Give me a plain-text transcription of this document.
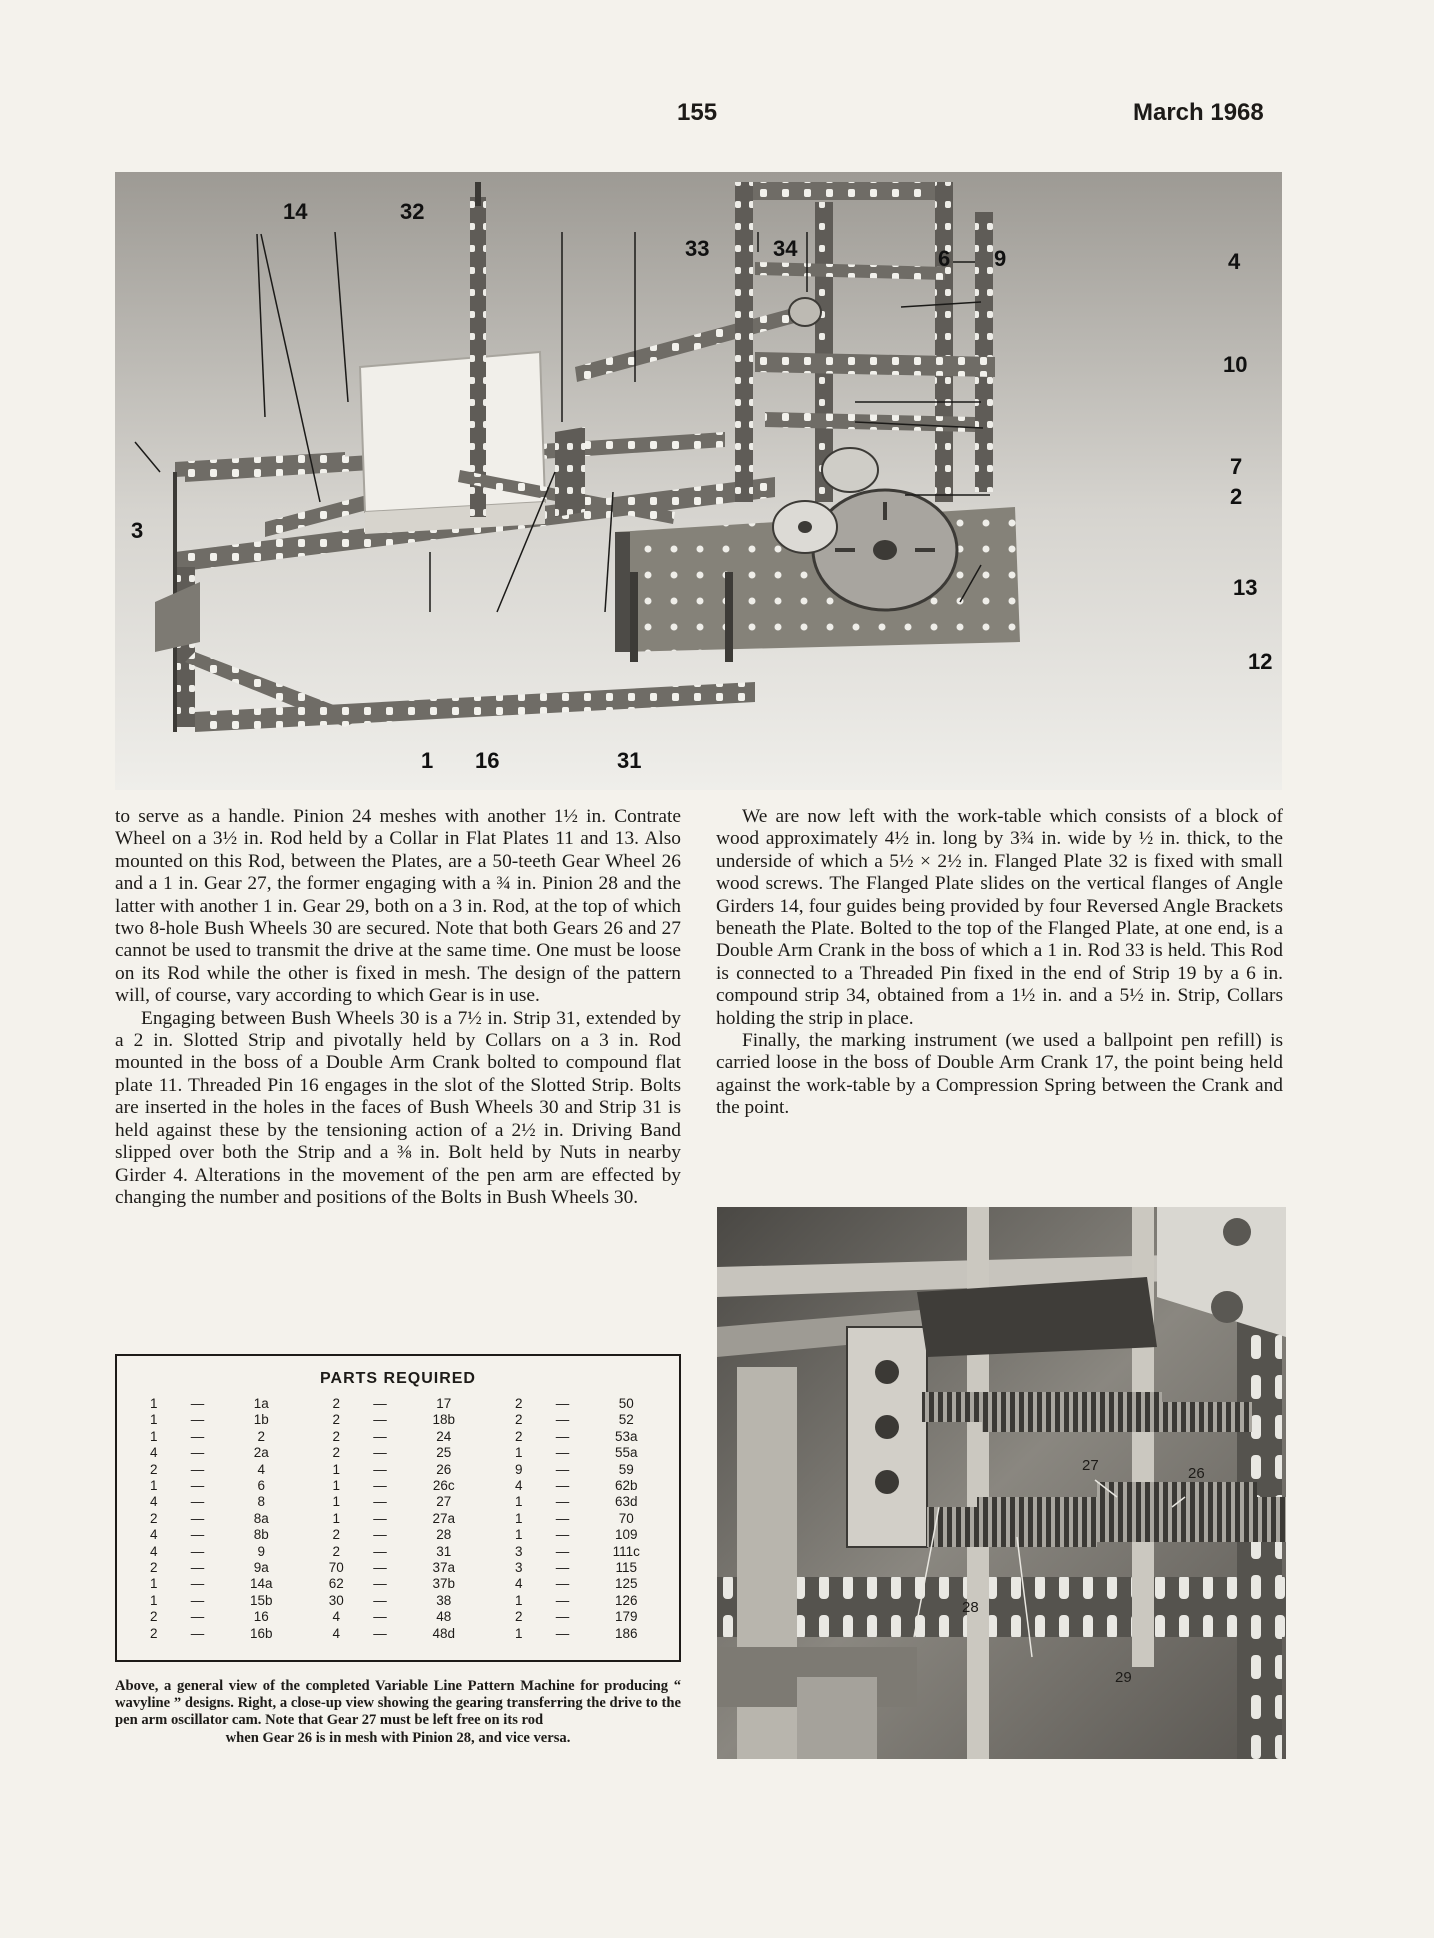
155	March 1968
14	32
33	34	6 9	4
10
7
2
3
13
12
1 16	31

to serve as a handle. Pinion 24 meshes with another 1½ in. Contrate Wheel on a 3½ in. Rod held by a Collar in Flat Plates 11 and 13. Also mounted on this Rod, between the Plates, are a 50-teeth Gear Wheel 26 and a 1 in. Gear 27, the former engaging with a ¾ in. Pinion 28 and the latter with another 1 in. Gear 29, both on a 3 in. Rod, at the top of which two 8-hole Bush Wheels 30 are secured. Note that both Gears 26 and 27 cannot be used to transmit the drive at the same time. One must be loose on its Rod while the other is fixed in mesh. The design of the pattern will, of course, vary according to which Gear is in use.

Engaging between Bush Wheels 30 is a 7½ in. Strip 31, extended by a 2 in. Slotted Strip and pivotally held by Collars on a 3 in. Rod mounted in the boss of a Double Arm Crank bolted to compound flat plate 11. Threaded Pin 16 engages in the slot of the Slotted Strip. Bolts are inserted in the holes in the faces of Bush Wheels 30 and Strip 31 is held against these by the tensioning action of a 2½ in. Driving Band slipped over both the Strip and a ⅜ in. Bolt held by Nuts in nearby Girder 4. Alterations in the movement of the pen arm are effected by changing the number and positions of the Bolts in Bush Wheels 30.

We are now left with the work-table which consists of a block of wood approximately 4½ in. long by 3¾ in. wide by ½ in. thick, to the underside of which a 5½ × 2½ in. Flanged Plate 32 is fixed with small wood screws. The Flanged Plate slides on the vertical flanges of Angle Girders 14, four guides being provided by four Reversed Angle Brackets beneath the Plate. Bolted to the top of the Flanged Plate, at one end, is a Double Arm Crank in the boss of which a 1 in. Rod 33 is held. This Rod is connected to a Threaded Pin fixed in the end of Strip 19 by a 6 in. compound strip 34, obtained from a 1½ in. and a 5½ in. Strip, Collars holding the strip in place.

Finally, the marking instrument (we used a ballpoint pen refill) is carried loose in the boss of Double Arm Crank 17, the point being held against the work-table by a Compression Spring between the Crank and the point.

PARTS REQUIRED
1	—	1a		2	—	17		2	—	50
1	—	1b		2	—	18b		2	—	52
1	—	2		2	—	24		2	—	53a
4	—	2a		2	—	25		1	—	55a
2	—	4		1	—	26		9	—	59
1	—	6		1	—	26c		4	—	62b
4	—	8		1	—	27		1	—	63d
2	—	8a		1	—	27a		1	—	70
4	—	8b		2	—	28		1	—	109
4	—	9		2	—	31		3	—	111c
2	—	9a		70	—	37a		3	—	115
1	—	14a		62	—	37b		4	—	125
1	—	15b		30	—	38		1	—	126
2	—	16		4	—	48		2	—	179
2	—	16b		4	—	48d		1	—	186
Above, a general view of the completed Variable Line Pattern Machine for producing “ wavyline ” designs. Right, a close-up view showing the gearing transferring the drive to the pen arm oscillator cam. Note that Gear 27 must be left free on its rod
when Gear 26 is in mesh with Pinion 28, and vice versa.
27	26
28
29
